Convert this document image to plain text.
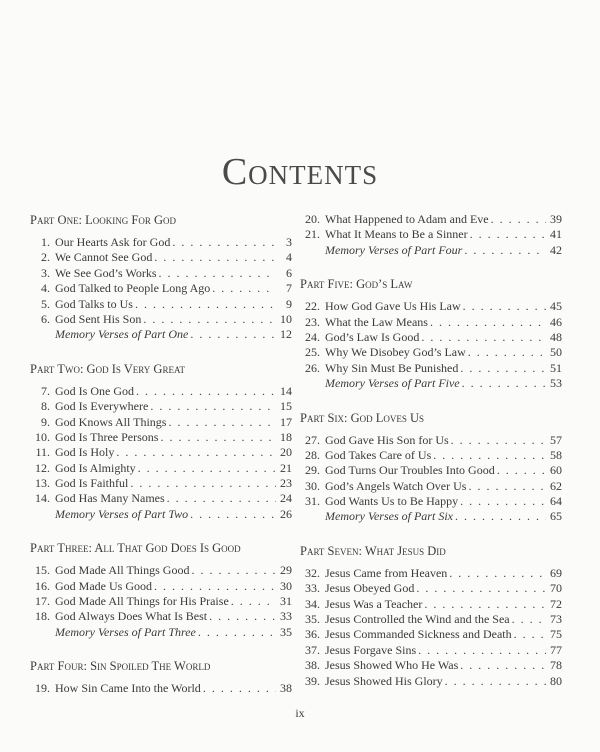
Contents
Part One: Looking For God
1. Our Hearts Ask for God . . .	3
2. We Cannot See God . . .	4
3. We See God’s Works . . .	6
4. God Talked to People Long Ago . . .	7
5. God Talks to Us . . .	9
6. God Sent His Son . . .	10
Memory Verses of Part One . . .	12
Part Two: God Is Very Great
7. God Is One God . . .	14
8. God Is Everywhere . . .	15
9. God Knows All Things . . .	17
10. God Is Three Persons . . .	18
11. God Is Holy . . .	20
12. God Is Almighty . . .	21
13. God Is Faithful . . .	23
14. God Has Many Names . . .	24
Memory Verses of Part Two . . .	26
Part Three: All That God Does Is Good
15. God Made All Things Good . . .	29
16. God Made Us Good . . .	30
17. God Made All Things for His Praise . . .	31
18. God Always Does What Is Best . . .	33
Memory Verses of Part Three . . .	35
Part Four: Sin Spoiled The World
19. How Sin Came Into the World . . .	38
20. What Happened to Adam and Eve . . .	39
21. What It Means to Be a Sinner . . .	41
Memory Verses of Part Four . . .	42
Part Five: God’s Law
22. How God Gave Us His Law . . .	45
23. What the Law Means . . .	46
24. God’s Law Is Good . . .	48
25. Why We Disobey God’s Law . . .	50
26. Why Sin Must Be Punished . . .	51
Memory Verses of Part Five . . .	53
Part Six: God Loves Us
27. God Gave His Son for Us . . .	57
28. God Takes Care of Us . . .	58
29. God Turns Our Troubles Into Good . . .	60
30. God’s Angels Watch Over Us . . .	62
31. God Wants Us to Be Happy . . .	64
Memory Verses of Part Six . . .	65
Part Seven: What Jesus Did
32. Jesus Came from Heaven . . .	69
33. Jesus Obeyed God . . .	70
34. Jesus Was a Teacher . . .	72
35. Jesus Controlled the Wind and the Sea . . .	73
36. Jesus Commanded Sickness and Death . . .	75
37. Jesus Forgave Sins . . .	77
38. Jesus Showed Who He Was . . .	78
39. Jesus Showed His Glory . . .	80
ix
